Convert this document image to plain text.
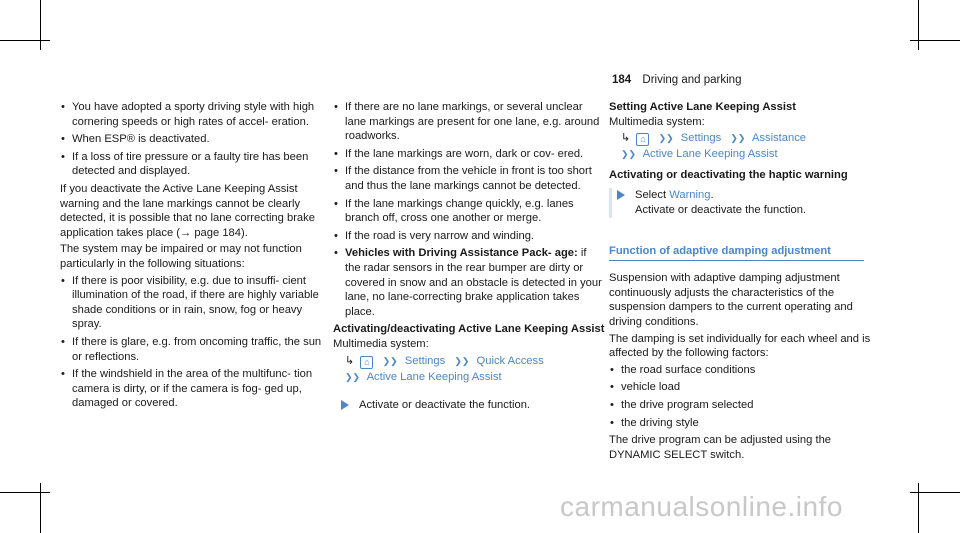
184 Driving and parking
• You have adopted a sporty driving style with high cornering speeds or high rates of accel- eration.
• When ESP® is deactivated.
• If a loss of tire pressure or a faulty tire has been detected and displayed.

If you deactivate the Active Lane Keeping Assist warning and the lane markings cannot be clearly detected, it is possible that no lane correcting brake application takes place (→ page 184).

The system may be impaired or may not function particularly in the following situations:

• If there is poor visibility, e.g. due to insuffi- cient illumination of the road, if there are highly variable shade conditions or in rain, snow, fog or heavy spray.
• If there is glare, e.g. from oncoming traffic, the sun or reflections.
• If the windshield in the area of the multifunc- tion camera is dirty, or if the camera is fog- ged up, damaged or covered.
• If there are no lane markings, or several unclear lane markings are present for one lane, e.g. around roadworks.
• If the lane markings are worn, dark or cov- ered.
• If the distance from the vehicle in front is too short and thus the lane markings cannot be detected.
• If the lane markings change quickly, e.g. lanes branch off, cross one another or merge.
• If the road is very narrow and winding.
• Vehicles with Driving Assistance Pack- age: if the radar sensors in the rear bumper are dirty or covered in snow and an obstacle is detected in your lane, no lane-correcting brake application takes place.

Activating/deactivating Active Lane Keeping Assist

Multimedia system:

↳ ⌂ ❯❯ Settings ❯❯ Quick Access
❯❯ Active Lane Keeping Assist
Activate or deactivate the function.

Setting Active Lane Keeping Assist

Multimedia system:

↳ ⌂ ❯❯ Settings ❯❯ Assistance
❯❯ Active Lane Keeping Assist

Activating or deactivating the haptic warning

Select Warning.
Activate or deactivate the function.
Function of adaptive damping adjustment

Suspension with adaptive damping adjustment continuously adjusts the characteristics of the suspension dampers to the current operating and driving conditions.

The damping is set individually for each wheel and is affected by the following factors:

• the road surface conditions
• vehicle load
• the drive program selected
• the driving style

The drive program can be adjusted using the DYNAMIC SELECT switch.

carmanualsonline.info
